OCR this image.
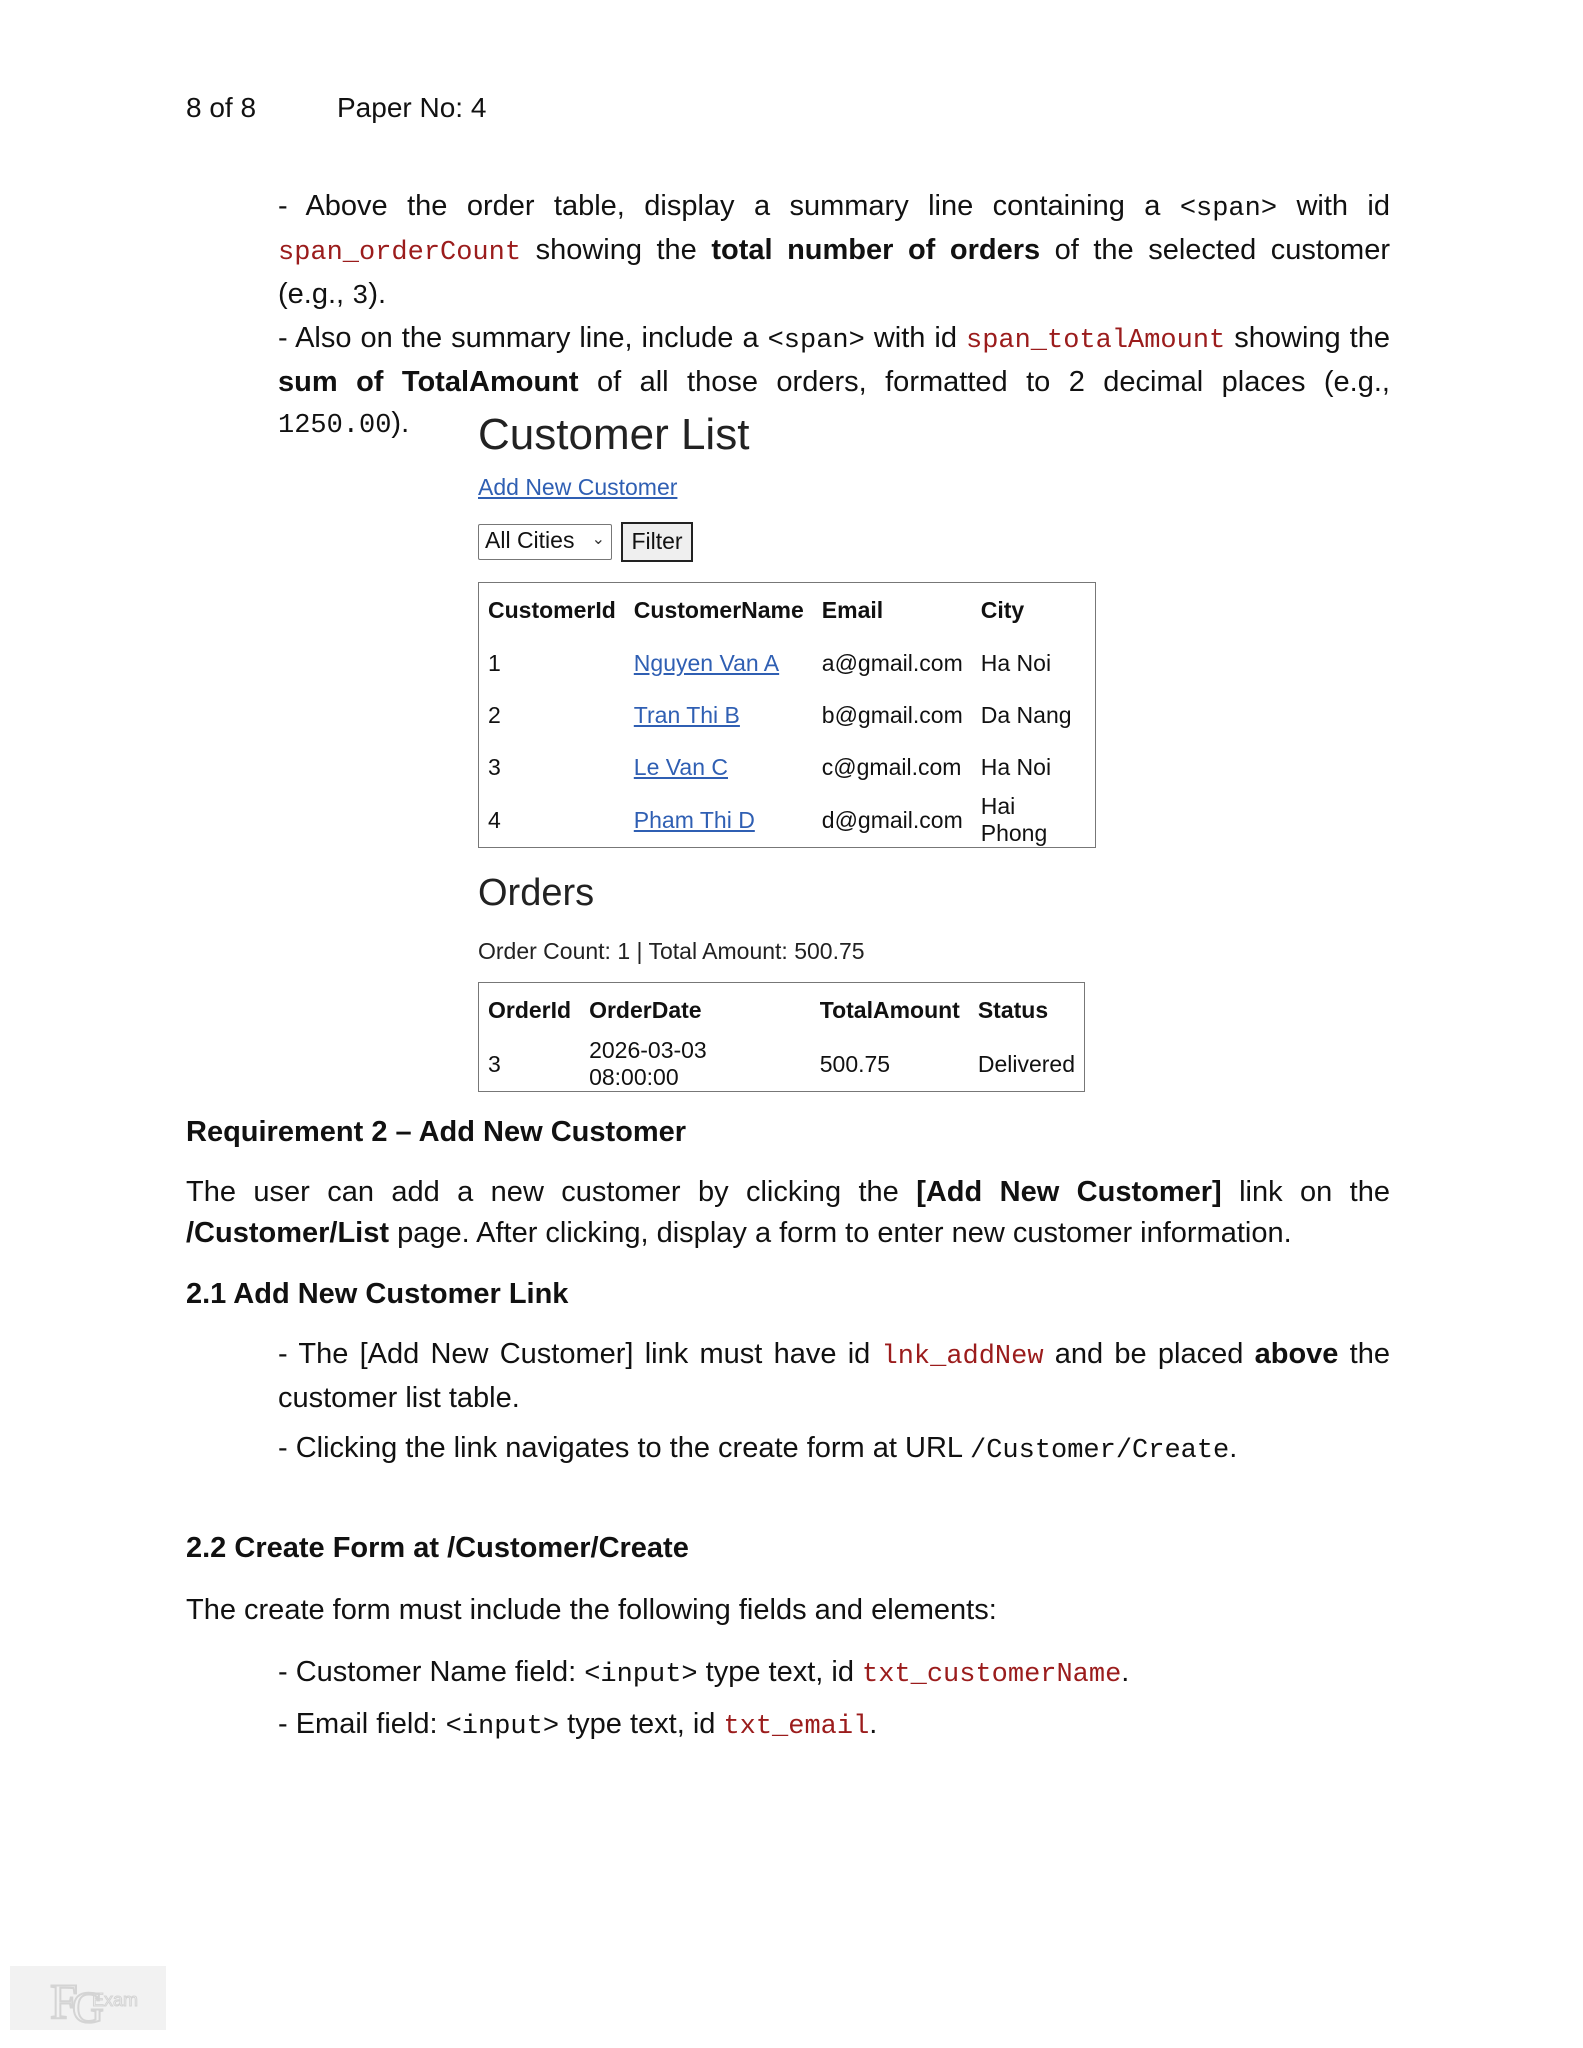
8 of 8	Paper No: 4
- Above the order table, display a summary line containing a <span> with id span_orderCount showing the total number of orders of the selected customer (e.g., 3).
- Also on the summary line, include a <span> with id span_totalAmount showing the sum of TotalAmount of all those orders, formatted to 2 decimal places (e.g., 1250.00).	Customer List
Add New Customer
All Cities ⌄	Filter
CustomerId	CustomerName	Email	City
1	Nguyen Van A	a@gmail.com	Ha Noi
2	Tran Thi B	b@gmail.com	Da Nang
3	Le Van C	c@gmail.com	Ha Noi
4	Pham Thi D	d@gmail.com	Hai Phong
Orders
Order Count: 1 | Total Amount: 500.75
OrderId	OrderDate	TotalAmount	Status
3	2026-03-03 08:00:00	500.75	Delivered
Requirement 2 – Add New Customer
The user can add a new customer by clicking the [Add New Customer] link on the /Customer/List page. After clicking, display a form to enter new customer information.
2.1 Add New Customer Link
- The [Add New Customer] link must have id lnk_addNew and be placed above the customer list table.
- Clicking the link navigates to the create form at URL /Customer/Create.
2.2 Create Form at /Customer/Create
The create form must include the following fields and elements:
- Customer Name field: <input> type text, id txt_customerName.
- Email field: <input> type text, id txt_email.
F
G
Exam
